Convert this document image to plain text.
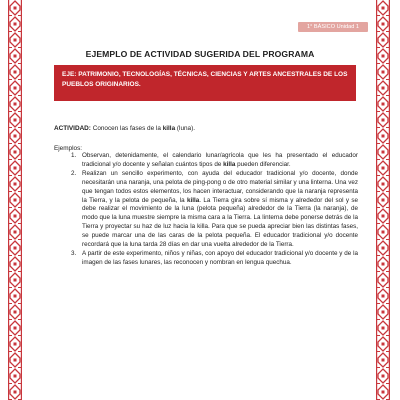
1° BÁSICO Unidad 1
EJEMPLO DE ACTIVIDAD SUGERIDA DEL PROGRAMA
EJE: PATRIMONIO, TECNOLOGÍAS, TÉCNICAS, CIENCIAS Y ARTES ANCESTRALES DE LOS PUEBLOS ORIGINARIOS.
ACTIVIDAD: Conocen las fases de la killa (luna).
Ejemplos:
1. Observan, detenidamente, el calendario lunar/agrícola que les ha presentado el educador tradicional y/o docente y señalan cuántos tipos de killa pueden diferenciar.
2. Realizan un sencillo experimento, con ayuda del educador tradicional y/o docente, donde necesitarán una naranja, una pelota de ping-pong o de otro material similar y una linterna. Una vez que tengan todos estos elementos, los hacen interactuar, considerando que la naranja representa la Tierra, y la pelota de pequeña, la killa. La Tierra gira sobre sí misma y alrededor del sol y se debe realizar el movimiento de la luna (pelota pequeña) alrededor de la Tierra (la naranja), de modo que la luna muestre siempre la misma cara a la Tierra. La linterna debe ponerse detrás de la Tierra y proyectar su haz de luz hacia la killa. Para que se pueda apreciar bien las distintas fases, se puede marcar una de las caras de la pelota pequeña. El educador tradicional y/o docente recordará que la luna tarda 28 días en dar una vuelta alrededor de la Tierra.
3. A partir de este experimento, niños y niñas, con apoyo del educador tradicional y/o docente y de la imagen de las fases lunares, las reconocen y nombran en lengua quechua.
